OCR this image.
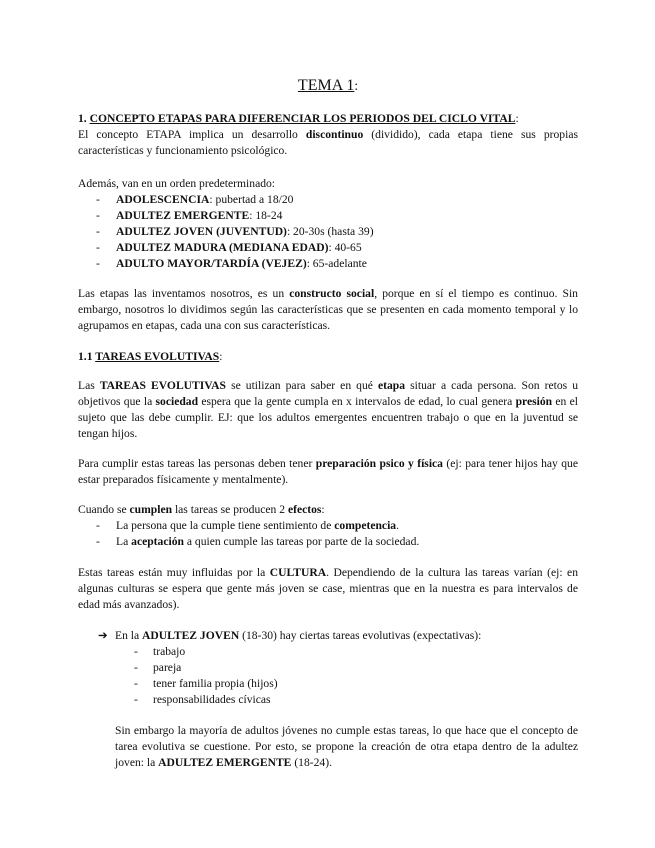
TEMA 1:
1. CONCEPTO ETAPAS PARA DIFERENCIAR LOS PERIODOS DEL CICLO VITAL:
El concepto ETAPA implica un desarrollo discontinuo (dividido), cada etapa tiene sus propias características y funcionamiento psicológico.
Además, van en un orden predeterminado:
- ADOLESCENCIA: pubertad a 18/20
- ADULTEZ EMERGENTE: 18-24
- ADULTEZ JOVEN (JUVENTUD): 20-30s (hasta 39)
- ADULTEZ MADURA (MEDIANA EDAD): 40-65
- ADULTO MAYOR/TARDÍA (VEJEZ): 65-adelante
Las etapas las inventamos nosotros, es un constructo social, porque en sí el tiempo es continuo. Sin embargo, nosotros lo dividimos según las características que se presenten en cada momento temporal y lo agrupamos en etapas, cada una con sus características.
1.1 TAREAS EVOLUTIVAS:
Las TAREAS EVOLUTIVAS se utilizan para saber en qué etapa situar a cada persona. Son retos u objetivos que la sociedad espera que la gente cumpla en x intervalos de edad, lo cual genera presión en el sujeto que las debe cumplir. EJ: que los adultos emergentes encuentren trabajo o que en la juventud se tengan hijos.
Para cumplir estas tareas las personas deben tener preparación psico y física (ej: para tener hijos hay que estar preparados físicamente y mentalmente).
Cuando se cumplen las tareas se producen 2 efectos:
- La persona que la cumple tiene sentimiento de competencia.
- La aceptación a quien cumple las tareas por parte de la sociedad.
Estas tareas están muy influidas por la CULTURA. Dependiendo de la cultura las tareas varían (ej: en algunas culturas se espera que gente más joven se case, mientras que en la nuestra es para intervalos de edad más avanzados).
➔ En la ADULTEZ JOVEN (18-30) hay ciertas tareas evolutivas (expectativas):
- trabajo
- pareja
- tener familia propia (hijos)
- responsabilidades cívicas
Sin embargo la mayoría de adultos jóvenes no cumple estas tareas, lo que hace que el concepto de tarea evolutiva se cuestione. Por esto, se propone la creación de otra etapa dentro de la adultez joven: la ADULTEZ EMERGENTE (18-24).
